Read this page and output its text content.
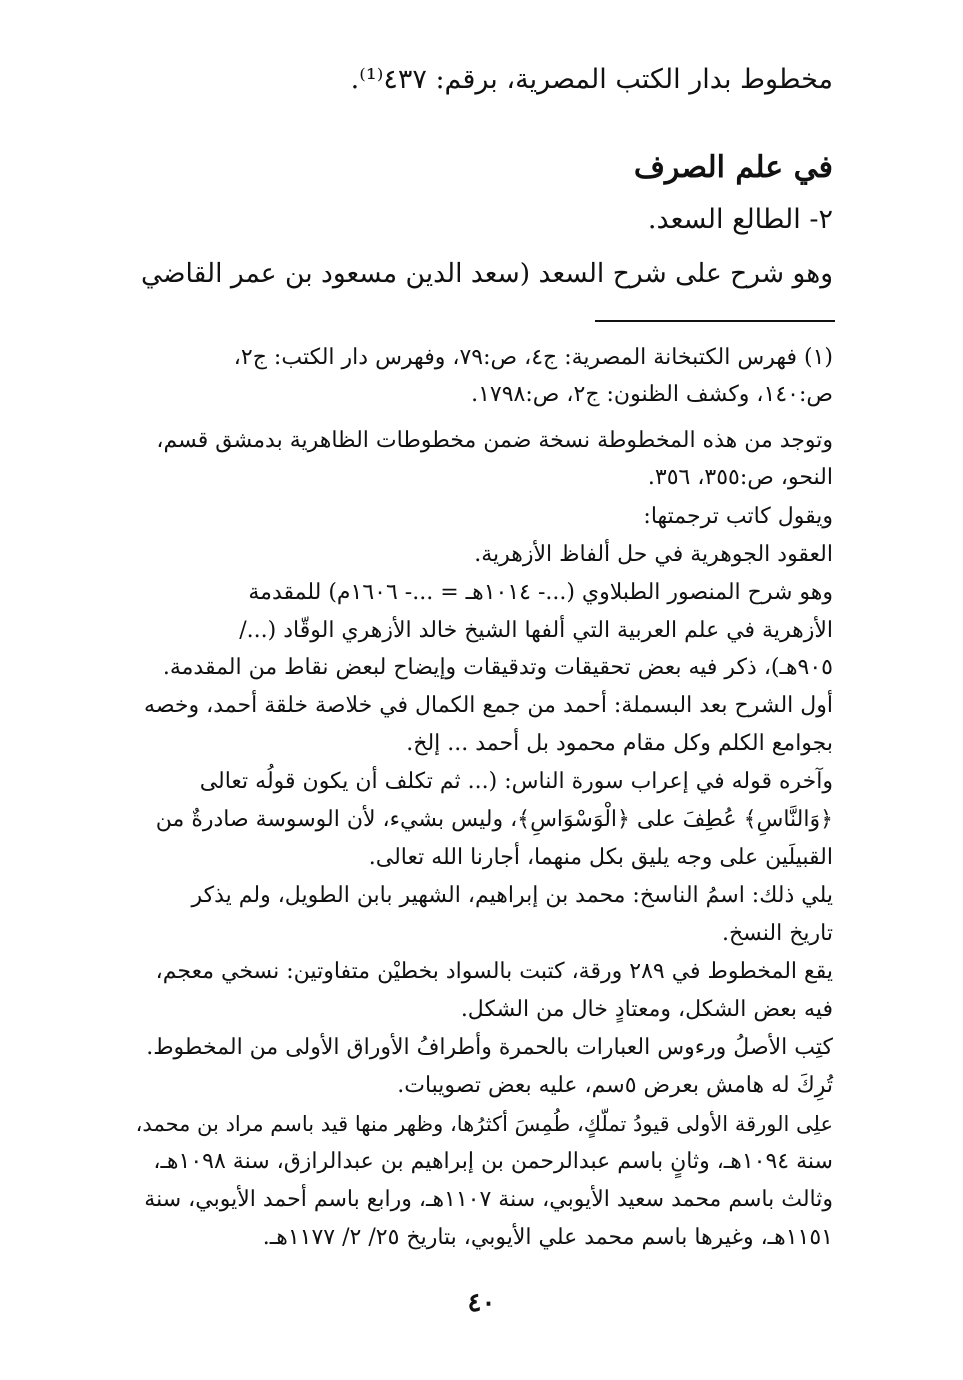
مخطوط بدار الكتب المصرية، برقم: ٤٣٧⁽¹⁾.
في علم الصرف
٢- الطالع السعد.
وهو شرح على شرح السعد (سعد الدين مسعود بن عمر القاضي
(١) فهرس الكتبخانة المصرية: ج٤، ص:٧٩، وفهرس دار الكتب: ج٢،
ص:١٤٠، وكشف الظنون: ج٢، ص:١٧٩٨.
وتوجد من هذه المخطوطة نسخة ضمن مخطوطات الظاهرية بدمشق قسم،
النحو، ص:٣٥٥، ٣٥٦.
ويقول كاتب ترجمتها:
العقود الجوهرية في حل ألفاظ الأزهرية.
وهو شرح المنصور الطبلاوي (...- ١٠١٤هـ = ...- ١٦٠٦م) للمقدمة
الأزهرية في علم العربية التي ألفها الشيخ خالد الأزهري الوقّاد (.../
٩٠٥هـ)، ذكر فيه بعض تحقيقات وتدقيقات وإيضاح لبعض نقاط من المقدمة.
أول الشرح بعد البسملة: أحمد من جمع الكمال في خلاصة خلقة أحمد، وخصه
بجوامع الكلم وكل مقام محمود بل أحمد ... إلخ.
وآخره قوله في إعراب سورة الناس: (... ثم تكلف أن يكون قولُه تعالى
﴿وَالنَّاسِ﴾ عُطِفَ على ﴿الْوَسْوَاسِ﴾، وليس بشيء، لأن الوسوسة صادرةٌ من
القبيلَين على وجه يليق بكل منهما، أجارنا الله تعالى.
يلي ذلك: اسمُ الناسخ: محمد بن إبراهيم، الشهير بابن الطويل، ولم يذكر
تاريخ النسخ.
يقع المخطوط في ٢٨٩ ورقة، كتبت بالسواد بخطيْن متفاوتين: نسخي معجم،
فيه بعض الشكل، ومعتادٍ خال من الشكل.
كتِب الأصلُ ورءوس العبارات بالحمرة وأطرافُ الأوراق الأولى من المخطوط.
تُرِكَ له هامش بعرض ٥سم، عليه بعض تصويبات.
علِى الورقة الأولى قيودُ تملّكٍ، طُمِسَ أكثرُها، وظهر منها قيد باسم مراد بن محمد،
سنة ١٠٩٤هـ، وثانٍ باسم عبدالرحمن بن إبراهيم بن عبدالرازق، سنة ١٠٩٨هـ،
وثالث باسم محمد سعيد الأيوبي، سنة ١١٠٧هـ، ورابع باسم أحمد الأيوبي، سنة
١١٥١هـ، وغيرها باسم محمد علي الأيوبي، بتاريخ ٢٥/ ٢/ ١١٧٧هـ.
٤٠
